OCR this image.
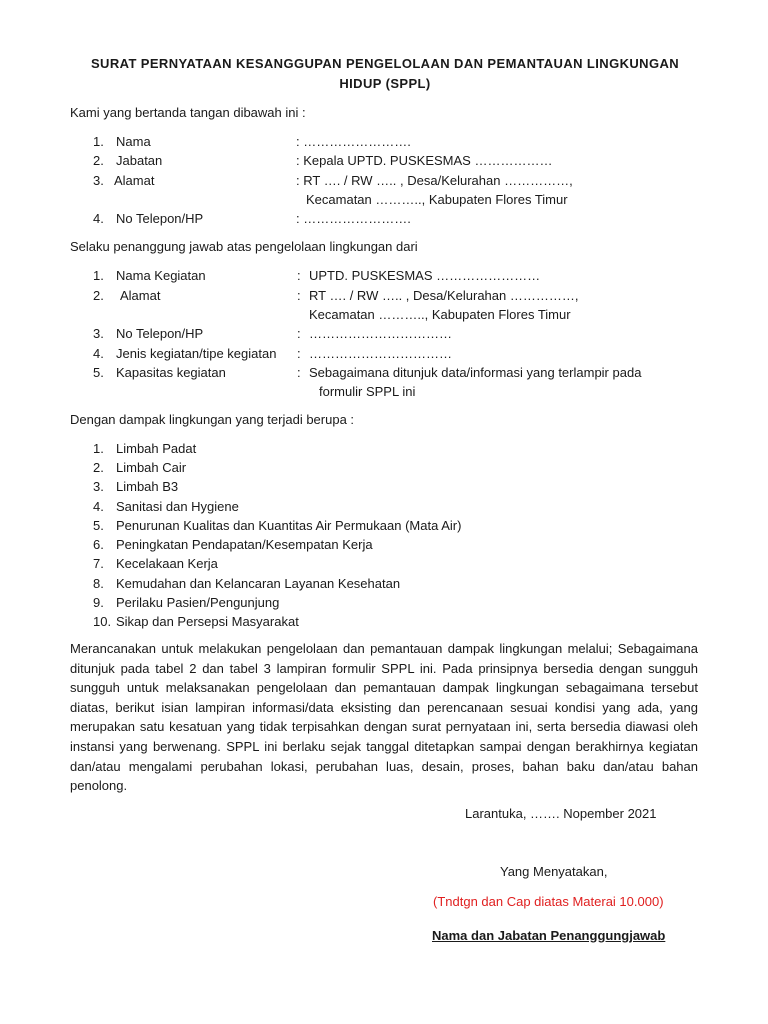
SURAT PERNYATAAN KESANGGUPAN PENGELOLAAN DAN PEMANTAUAN LINGKUNGAN
HIDUP (SPPL)
Kami yang bertanda tangan dibawah ini :
1. Nama	: …………………….
2. Jabatan	: Kepala UPTD. PUSKESMAS ………………
3. Alamat	: RT …. / RW ….. , Desa/Kelurahan ……………,
Kecamatan ……….., Kabupaten Flores Timur
4. No Telepon/HP	: …………………….
Selaku penanggung jawab atas pengelolaan lingkungan dari
1. Nama Kegiatan	: UPTD. PUSKESMAS ……………………
2. Alamat	: RT …. / RW ….. , Desa/Kelurahan ……………,
Kecamatan ……….., Kabupaten Flores Timur
3. No Telepon/HP	: ……………………………
4. Jenis kegiatan/tipe kegiatan : ……………………………
5. Kapasitas kegiatan	: Sebagaimana ditunjuk data/informasi yang terlampir pada
formulir SPPL ini
Dengan dampak lingkungan yang terjadi berupa :
1. Limbah Padat
2. Limbah Cair
3. Limbah B3
4. Sanitasi dan Hygiene
5. Penurunan Kualitas dan Kuantitas Air Permukaan (Mata Air)
6. Peningkatan Pendapatan/Kesempatan Kerja
7. Kecelakaan Kerja
8. Kemudahan dan Kelancaran Layanan Kesehatan
9. Perilaku Pasien/Pengunjung
10. Sikap dan Persepsi Masyarakat
Merancanakan untuk melakukan pengelolaan dan pemantauan dampak lingkungan melalui; Sebagaimana ditunjuk pada tabel 2 dan tabel 3 lampiran formulir SPPL ini. Pada prinsipnya bersedia dengan sungguh sungguh untuk melaksanakan pengelolaan dan pemantauan dampak lingkungan sebagaimana tersebut diatas, berikut isian lampiran informasi/data eksisting dan perencanaan sesuai kondisi yang ada, yang merupakan satu kesatuan yang tidak terpisahkan dengan surat pernyataan ini, serta bersedia diawasi oleh instansi yang berwenang. SPPL ini berlaku sejak tanggal ditetapkan sampai dengan berakhirnya kegiatan dan/atau mengalami perubahan lokasi, perubahan luas, desain, proses, bahan baku dan/atau bahan penolong.
Larantuka, ……. Nopember 2021
Yang Menyatakan,
(Tndtgn dan Cap diatas Materai 10.000)
Nama dan Jabatan Penanggungjawab
